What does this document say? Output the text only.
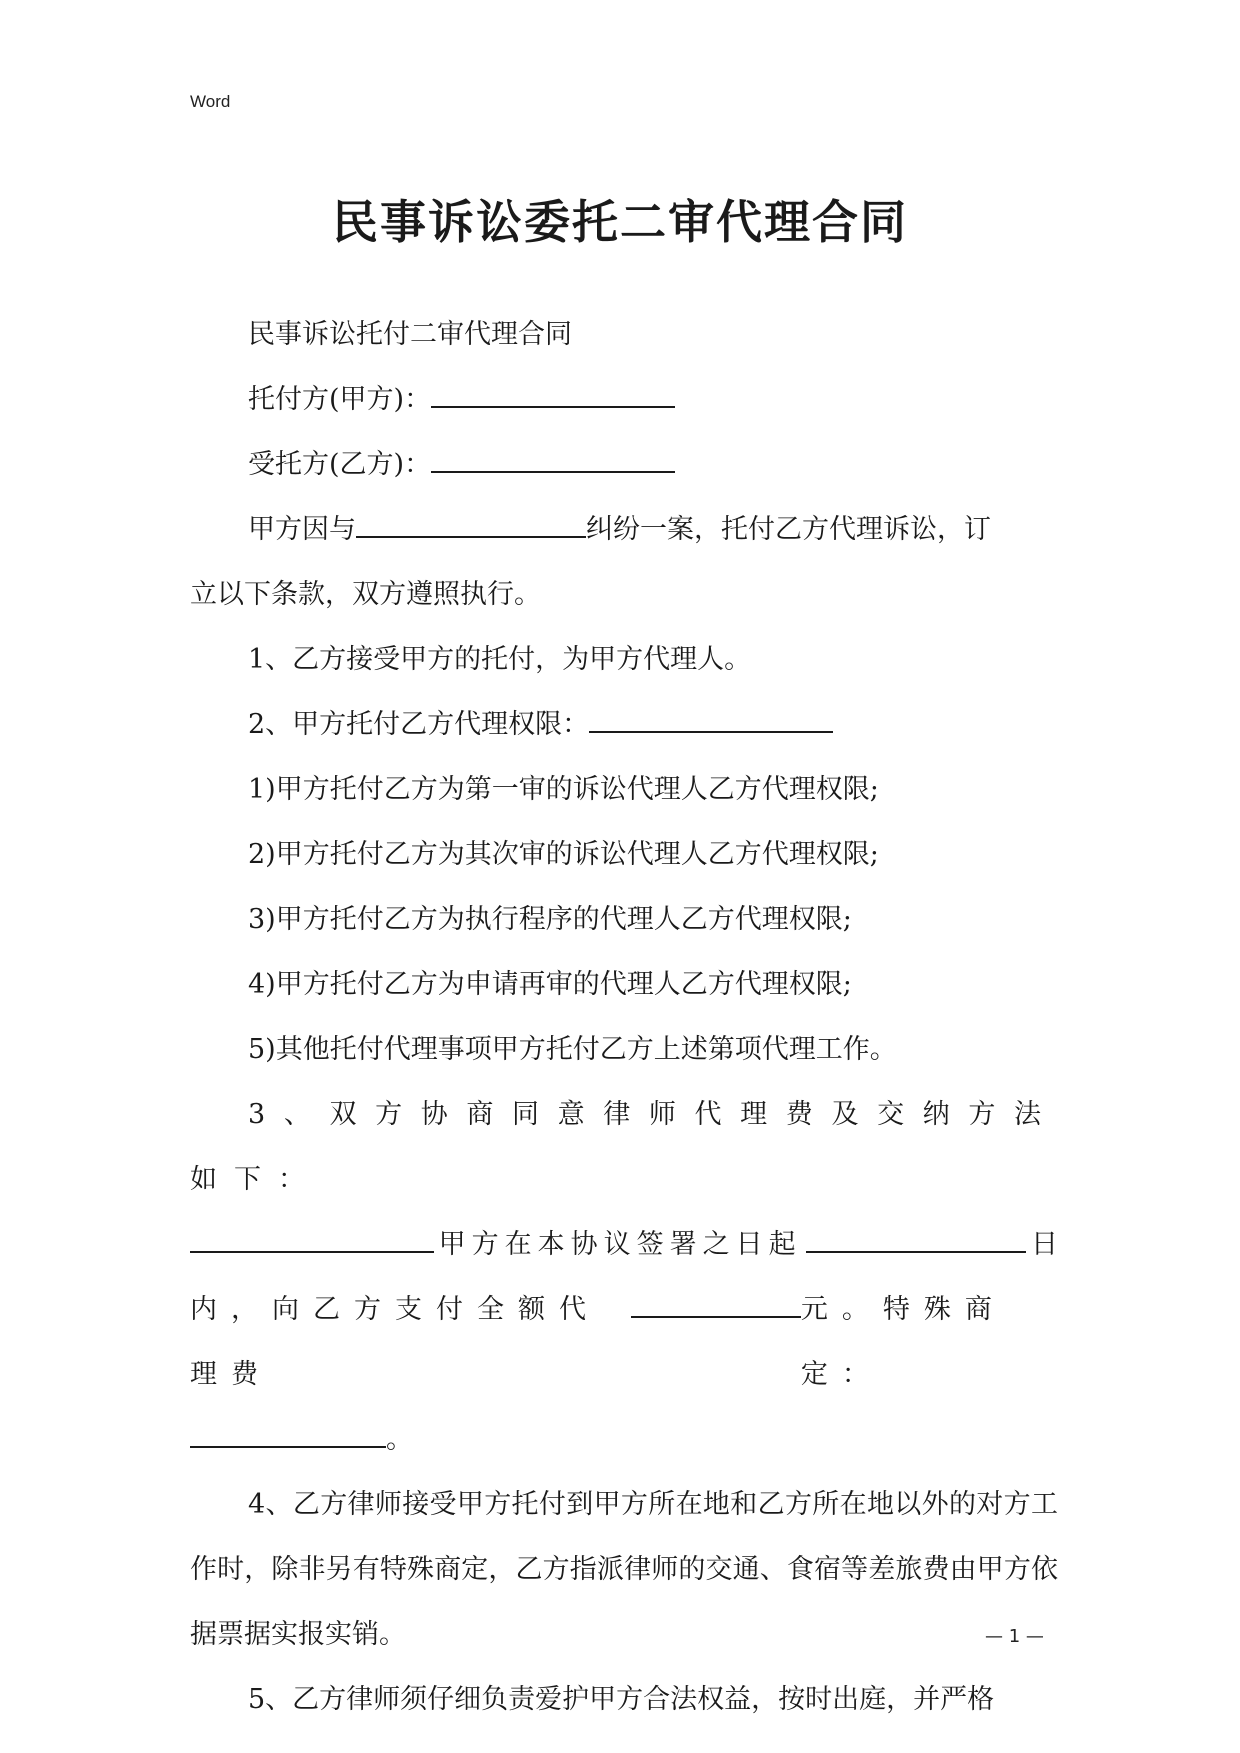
Word
民事诉讼委托二审代理合同

民事诉讼托付二审代理合同

托付方(甲方)：

受托方(乙方)：

甲方因与	纠纷一案，托付乙方代理诉讼，订

立以下条款，双方遵照执行。

1、乙方接受甲方的托付，为甲方代理人。

2、甲方托付乙方代理权限：

1)甲方托付乙方为第一审的诉讼代理人乙方代理权限;

2)甲方托付乙方为其次审的诉讼代理人乙方代理权限;

3)甲方托付乙方为执行程序的代理人乙方代理权限;

4)甲方托付乙方为申请再审的代理人乙方代理权限;

5)其他托付代理事项甲方托付乙方上述第项代理工作。

3、双方协商同意律师代理费及交纳方法如下：

甲方在本协议签署之日起	日
内，向乙方支付全额代理费
元。特殊商定：

。

4、乙方律师接受甲方托付到甲方所在地和乙方所在地以外的对方工作时，除非另有特殊商定，乙方指派律师的交通、食宿等差旅费由甲方依据票据实报实销。

5、乙方律师须仔细负责爱护甲方合法权益，按时出庭，并严格

— 1 —
